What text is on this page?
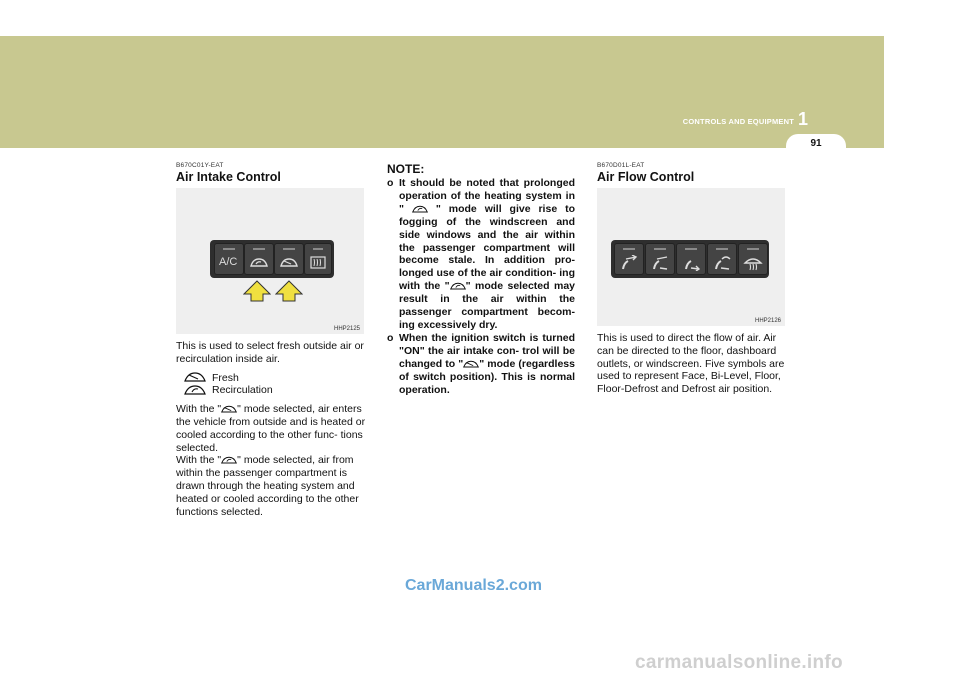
CONTROLS AND EQUIPMENT 1
91
B670C01Y-EAT
Air Intake Control
A/C
HHP2125

This is used to select fresh outside air or recirculation inside air.

Fresh
Recirculation

With the " " mode selected, air enters the vehicle from outside and is heated or cooled according to the other func- tions selected.
With the " " mode selected, air from within the passenger compartment is drawn through the heating system and heated or cooled according to the other functions selected.

NOTE:
o It should be noted that prolonged operation of the heating system in "  " mode will give rise to fogging of the windscreen and side windows and the air within the passenger compartment will become stale. In addition pro- longed use of the air condition- ing with the " " mode selected may result in the air within the passenger compartment becom- ing excessively dry.
o When the ignition switch is turned "ON" the air intake con- trol will be changed to " " mode (regardless of switch position). This is normal operation.
B670D01L-EAT
Air Flow Control
HHP2126

This is used to direct the flow of air. Air can be directed to the floor, dashboard outlets, or windscreen. Five symbols are used to represent Face, Bi-Level, Floor, Floor-Defrost and Defrost air position.

CarManuals2.com
carmanualsonline.info
